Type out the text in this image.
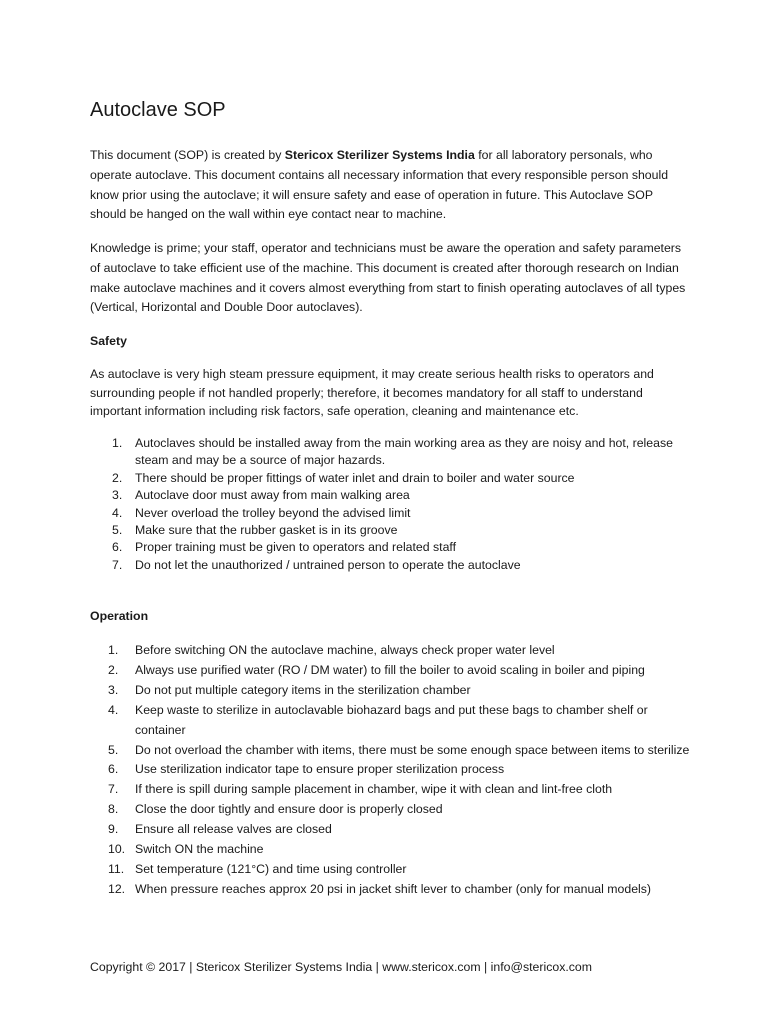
Autoclave SOP

This document (SOP) is created by Stericox Sterilizer Systems India for all laboratory personals, who operate autoclave. This document contains all necessary information that every responsible person should know prior using the autoclave; it will ensure safety and ease of operation in future. This Autoclave SOP should be hanged on the wall within eye contact near to machine.

Knowledge is prime; your staff, operator and technicians must be aware the operation and safety parameters of autoclave to take efficient use of the machine. This document is created after thorough research on Indian make autoclave machines and it covers almost everything from start to finish operating autoclaves of all types (Vertical, Horizontal and Double Door autoclaves).

Safety

As autoclave is very high steam pressure equipment, it may create serious health risks to operators and surrounding people if not handled properly; therefore, it becomes mandatory for all staff to understand important information including risk factors, safe operation, cleaning and maintenance etc.

1. Autoclaves should be installed away from the main working area as they are noisy and hot, release steam and may be a source of major hazards.
2. There should be proper fittings of water inlet and drain to boiler and water source
3. Autoclave door must away from main walking area
4. Never overload the trolley beyond the advised limit
5. Make sure that the rubber gasket is in its groove
6. Proper training must be given to operators and related staff
7. Do not let the unauthorized / untrained person to operate the autoclave
Operation
1. Before switching ON the autoclave machine, always check proper water level
2. Always use purified water (RO / DM water) to fill the boiler to avoid scaling in boiler and piping
3. Do not put multiple category items in the sterilization chamber
4. Keep waste to sterilize in autoclavable biohazard bags and put these bags to chamber shelf or container
5. Do not overload the chamber with items, there must be some enough space between items to sterilize
6. Use sterilization indicator tape to ensure proper sterilization process
7. If there is spill during sample placement in chamber, wipe it with clean and lint-free cloth
8. Close the door tightly and ensure door is properly closed
9. Ensure all release valves are closed
10. Switch ON the machine
11. Set temperature (121°C) and time using controller
12. When pressure reaches approx 20 psi in jacket shift lever to chamber (only for manual models)

Copyright © 2017 | Stericox Sterilizer Systems India | www.stericox.com | info@stericox.com
